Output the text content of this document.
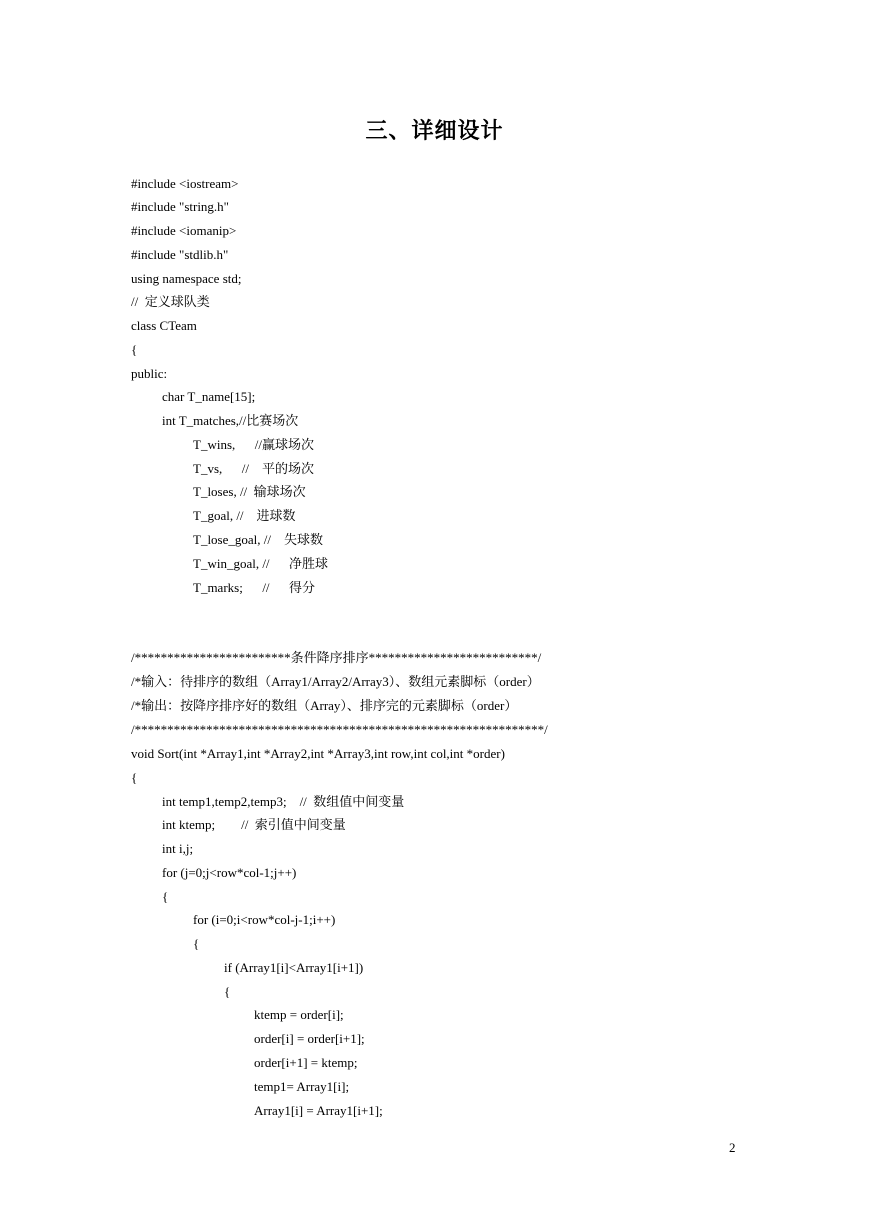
三、详细设计
#include <iostream>
#include "string.h"
#include <iomanip>
#include "stdlib.h"
using namespace std;
//  定义球队类
class CTeam
{
public:
char T_name[15];
int T_matches,//比赛场次
T_wins,      //赢球场次
T_vs,      //    平的场次
T_loses, //  输球场次
T_goal, //    进球数
T_lose_goal, //    失球数
T_win_goal, //      净胜球
T_marks;      //      得分
/************************条件降序排序**************************/
/*输入：待排序的数组（Array1/Array2/Array3）、数组元素脚标（order）
/*输出：按降序排序好的数组（Array）、排序完的元素脚标（order）
/***************************************************************/
void Sort(int *Array1,int *Array2,int *Array3,int row,int col,int *order)
{
int temp1,temp2,temp3;    //  数组值中间变量
int ktemp;        //  索引值中间变量
int i,j;
for (j=0;j<row*col-1;j++)
{
for (i=0;i<row*col-j-1;i++)
{
if (Array1[i]<Array1[i+1])
{
ktemp = order[i];
order[i] = order[i+1];
order[i+1] = ktemp;
temp1= Array1[i];
Array1[i] = Array1[i+1];
2
